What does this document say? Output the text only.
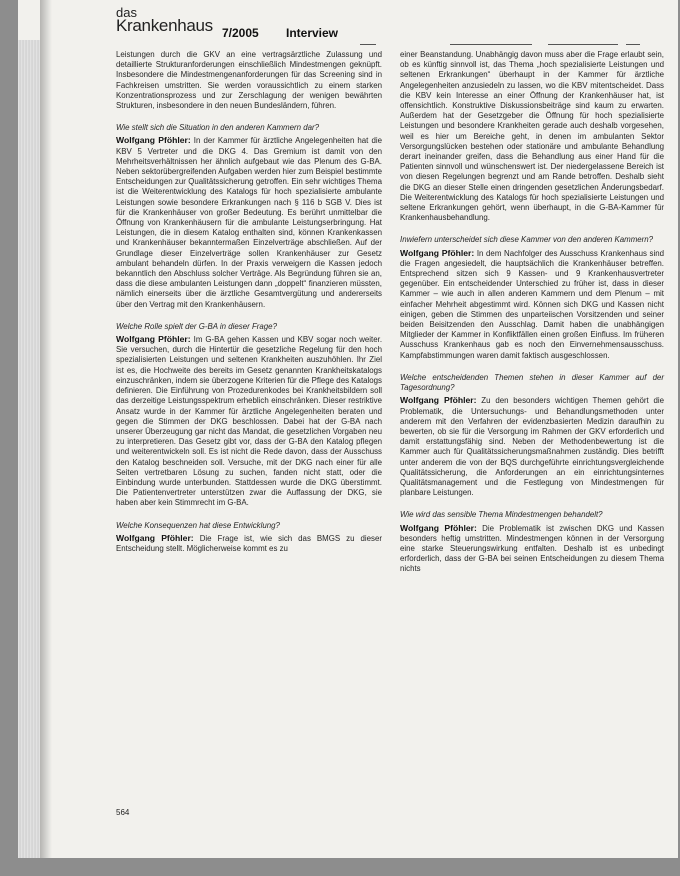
das
Krankenhaus 7/2005 Interview

Leistungen durch die GKV an eine vertragsärztliche Zulassung und detaillierte Strukturanforderungen einschließlich Mindestmengen geknüpft. Insbesondere die Mindestmengenanforderungen für das Screening sind in Fachkreisen umstritten. Sie werden voraussichtlich zu einem starken Konzentrationsprozess und zur Zerschlagung der wenigen bewährten Strukturen, insbesondere in den neuen Bundesländern, führen.

Wie stellt sich die Situation in den anderen Kammern dar?

Wolfgang Pföhler: In der Kammer für ärztliche Angelegenheiten hat die KBV 5 Vertreter und die DKG 4. Das Gremium ist damit von den Mehrheitsverhältnissen her ähnlich aufgebaut wie das Plenum des G-BA. Neben sektorübergreifenden Aufgaben werden hier zum Beispiel bestimmte Entscheidungen zur Qualitätssicherung getroffen. Ein sehr wichtiges Thema ist die Weiterentwicklung des Katalogs für hoch spezialisierte ambulante Leistungen sowie besondere Erkrankungen nach § 116 b SGB V. Dies ist für die Krankenhäuser von großer Bedeutung. Es berührt unmittelbar die Öffnung von Krankenhäusern für die ambulante Leistungserbringung. Hat Leistungen, die in diesem Katalog enthalten sind, können Krankenkassen und Krankenhäuser bekanntermaßen Einzelverträge abschließen. Auf der Grundlage dieser Einzelverträge sollen Krankenhäuser zur Gesetz ambulant behandeln dürfen. In der Praxis verweigern die Kassen jedoch bekanntlich den Abschluss solcher Verträge. Als Begründung führen sie an, dass die diese ambulanten Leistungen dann „doppelt“ finanzieren müssten, nämlich einerseits über die ärztliche Gesamtvergütung und andererseits über den Vertrag mit den Krankenhäusern.

Welche Rolle spielt der G-BA in dieser Frage?

Wolfgang Pföhler: Im G-BA gehen Kassen und KBV sogar noch weiter. Sie versuchen, durch die Hintertür die gesetzliche Regelung für den hoch spezialisierten Leistungen und seltenen Krankheiten auszuhöhlen. Ihr Ziel ist es, die Hochweite des bereits im Gesetz genannten Krankheitskatalogs einzuschränken, indem sie überzogene Kriterien für die Pflege des Katalogs definieren. Die Einführung von Prozedurenkodes bei Krankheitsbildern soll das derzeitige Leistungsspektrum erheblich einschränken. Dieser restriktive Ansatz wurde in der Kammer für ärztliche Angelegenheiten beraten und gegen die Stimmen der DKG beschlossen. Dabei hat der G-BA nach unserer Überzeugung gar nicht das Mandat, die gesetzlichen Vorgaben neu zu interpretieren. Das Gesetz gibt vor, dass der G-BA den Katalog pflegen und weiterentwickeln soll. Es ist nicht die Rede davon, dass der Ausschuss den Katalog beschneiden soll. Versuche, mit der DKG nach einer für alle Seiten vertretbaren Lösung zu suchen, fanden nicht statt, oder die Einbindung wurde unterbunden. Stattdessen wurde die DKG überstimmt. Die Patientenvertreter unterstützen zwar die Auffassung der DKG, sie haben aber kein Stimmrecht im G-BA.

Welche Konsequenzen hat diese Entwicklung?

Wolfgang Pföhler: Die Frage ist, wie sich das BMGS zu dieser Entscheidung stellt. Möglicherweise kommt es zu

einer Beanstandung. Unabhängig davon muss aber die Frage erlaubt sein, ob es künftig sinnvoll ist, das Thema „hoch spezialisierte Leistungen und seltenen Erkrankungen“ überhaupt in der Kammer für ärztliche Angelegenheiten anzusiedeln zu lassen, wo die KBV mitentscheidet. Dass die KBV kein Interesse an einer Öffnung der Krankenhäuser hat, ist offensichtlich. Konstruktive Diskussionsbeiträge sind kaum zu erwarten. Außerdem hat der Gesetzgeber die Öffnung für hoch spezialisierte Leistungen und besondere Krankheiten gerade auch deshalb vorgesehen, weil es hier um Bereiche geht, in denen im ambulanten Sektor Versorgungslücken bestehen oder stationäre und ambulante Behandlung derart ineinander greifen, dass die Behandlung aus einer Hand für die Patienten sinnvoll und wünschenswert ist. Der niedergelassene Bereich ist von diesen Regelungen begrenzt und am Rande betroffen. Deshalb sieht die DKG an dieser Stelle einen dringenden gesetzlichen Änderungsbedarf. Die Weiterentwicklung des Katalogs für hoch spezialisierte Leistungen und seltene Erkrankungen gehört, wenn überhaupt, in die G-BA-Kammer für Krankenhausbehandlung.

Inwiefern unterscheidet sich diese Kammer von den anderen Kammern?

Wolfgang Pföhler: In dem Nachfolger des Ausschuss Krankenhaus sind die Fragen angesiedelt, die hauptsächlich die Krankenhäuser betreffen. Entsprechend sitzen sich 9 Kassen- und 9 Krankenhausvertreter gegenüber. Ein entscheidender Unterschied zu früher ist, dass in dieser Kammer – wie auch in allen anderen Kammern und dem Plenum – mit einfacher Mehrheit abgestimmt wird. Können sich DKG und Kassen nicht einigen, geben die Stimmen des unparteiischen Vorsitzenden und seiner beiden Beisitzenden den Ausschlag. Damit haben die unabhängigen Mitglieder der Kammer in Konfliktfällen einen großen Einfluss. Im früheren Ausschuss Krankenhaus gab es noch den Einvernehmensausschuss. Kampfabstimmungen waren damit faktisch ausgeschlossen.

Welche entscheidenden Themen stehen in dieser Kammer auf der Tagesordnung?

Wolfgang Pföhler: Zu den besonders wichtigen Themen gehört die Problematik, die Untersuchungs- und Behandlungsmethoden unter anderem mit den Verfahren der evidenzbasierten Medizin daraufhin zu bewerten, ob sie für die Versorgung im Rahmen der GKV erforderlich und damit erstattungsfähig sind. Neben der Methodenbewertung ist die Kammer auch für Qualitätssicherungsmaßnahmen zuständig. Dies betrifft unter anderem die von der BQS durchgeführte einrichtungsvergleichende Qualitätssicherung, die Anforderungen an ein einrichtungsinternes Qualitätsmanagement und die Festlegung von Mindestmengen für planbare Leistungen.

Wie wird das sensible Thema Mindestmengen behandelt?

Wolfgang Pföhler: Die Problematik ist zwischen DKG und Kassen besonders heftig umstritten. Mindestmengen können in der Versorgung eine starke Steuerungswirkung entfalten. Deshalb ist es unbedingt erforderlich, dass der G-BA bei seinen Entscheidungen zu diesem Thema nichts

564
